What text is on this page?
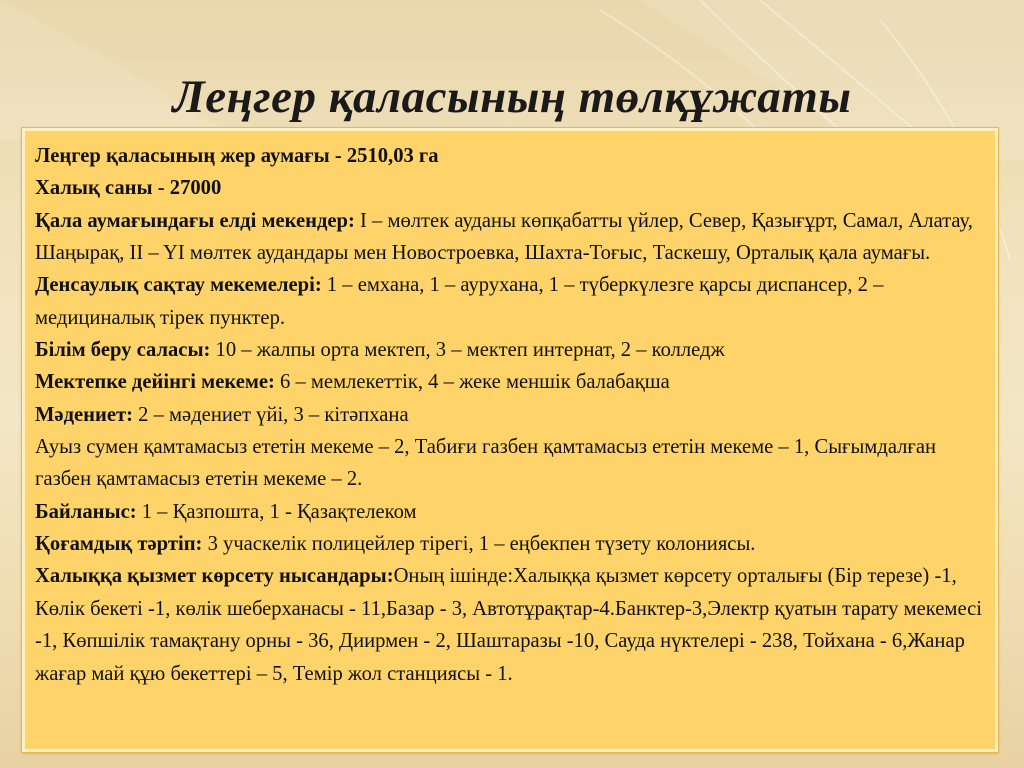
Леңгер қаласының төлқұжаты

Леңгер қаласының жер аумағы - 2510,03 га

Халық саны - 27000

Қала аумағындағы елді мекендер: I – мөлтек ауданы көпқабатты үйлер, Север, Қазығұрт, Самал, Алатау, Шаңырақ, II – YI мөлтек аудандары мен Новостроевка, Шахта-Тоғыс, Таскешу, Орталық қала аумағы.

Денсаулық сақтау мекемелері: 1 – емхана, 1 – аурухана, 1 – түберкүлезге қарсы диспансер, 2 – медициналық тірек пунктер.

Білім беру саласы: 10 – жалпы орта мектеп, 3 – мектеп интернат, 2 – колледж

Мектепке дейінгі мекеме: 6 – мемлекеттік, 4 – жеке меншік балабақша

Мәдениет: 2 – мәдениет үйі, 3 – кітәпхана

Ауыз сумен қамтамасыз ететін мекеме – 2, Табиғи газбен қамтамасыз ететін мекеме – 1, Сығымдалған газбен қамтамасыз ететін мекеме – 2.

Байланыс: 1 – Қазпошта, 1 - Қазақтелеком

Қоғамдық тәртіп: 3 учаскелік полицейлер тірегі, 1 – еңбекпен түзету колониясы.

Халыққа қызмет көрсету нысандары:Оның ішінде:Халыққа қызмет көрсету орталығы (Бір терезе) -1, Көлік бекеті -1, көлік шеберханасы - 11,Базар - 3, Автотұрақтар-4.Банктер-3,Электр қуатын тарату мекемесі -1, Көпшілік тамақтану орны - 36, Диирмен - 2, Шаштаразы -10, Сауда нүктелері - 238, Тойхана - 6,Жанар жағар май құю бекеттері – 5, Темір жол станциясы - 1.
